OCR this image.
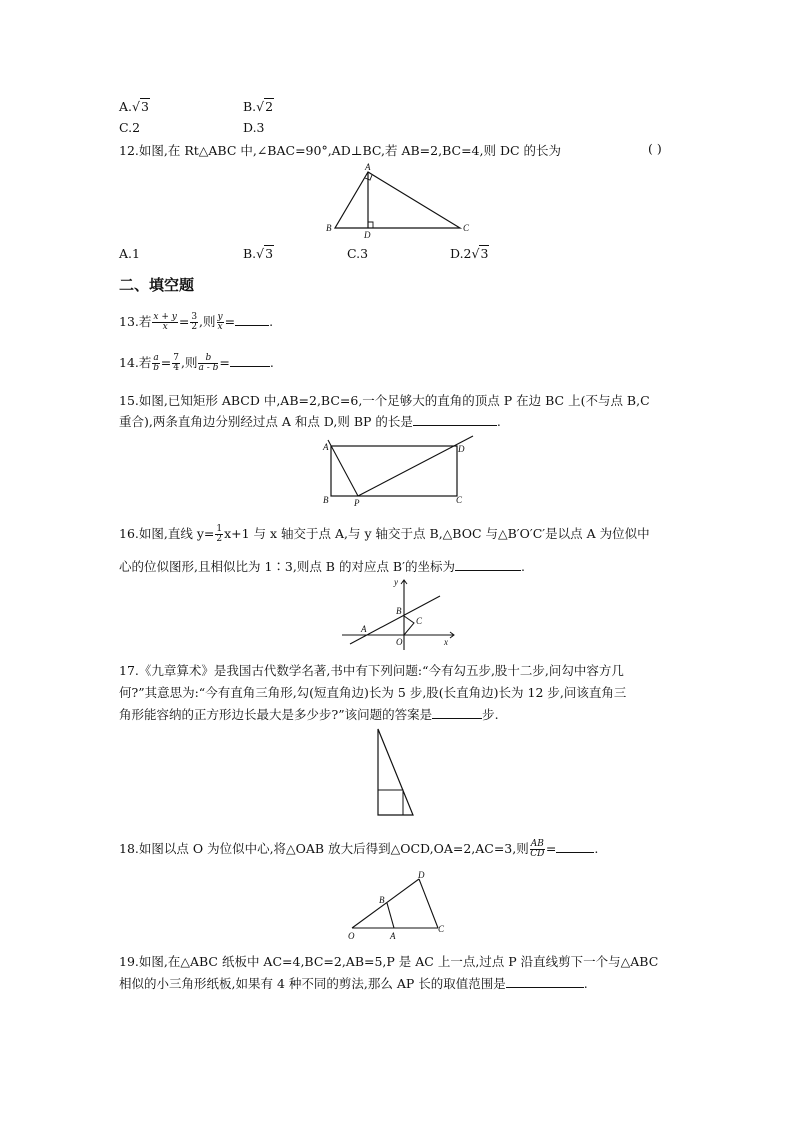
A.√3	B.√2
C.2	D.3
12.如图,在 Rt△ABC 中,∠BAC=90°,AD⊥BC,若 AB=2,BC=4,则 DC 的长为	( )
A
B	C
D
A.1	B.√3	C.3	D.2√3
二、填空题
13.若 $\frac{x + y}{x} = \frac{3}{2}$ ,则 $\frac{y}{x}$ =	.
14.若 $\frac{a}{b} = \frac{7}{4}$ ,则 $\frac{b}{a - b}$ =	.
15.如图,已知矩形 ABCD 中,AB=2,BC=6,一个足够大的直角的顶点 P 在边 BC 上(不与点 B,C
重合),两条直角边分别经过点 A 和点 D,则 BP 的长是	.
A	D
B	C
P
16.如图,直线 $y= \frac{1}{2} x+1$ 与 x 轴交于点 A,与 y 轴交于点 B,△BOC 与△B′O′C′是以点 A 为位似中
心的位似图形,且相似比为 1∶3,则点 B 的对应点 B′的坐标为	.
y
x
B
C
A
O
17.《九章算术》是我国古代数学名著,书中有下列问题:“今有勾五步,股十二步,问勾中容方几
何?”其意思为:“今有直角三角形,勾(短直角边)长为 5 步,股(长直角边)长为 12 步,问该直角三
角形能容纳的正方形边长最大是多少步?”该问题的答案是	步.
18.如图以点 O 为位似中心,将△OAB 放大后得到△OCD,OA=2,AC=3,则 $\frac{AB}{CD}$ =	.
O	A
B
C
D
19.如图,在△ABC 纸板中 AC=4,BC=2,AB=5,P 是 AC 上一点,过点 P 沿直线剪下一个与△ABC
相似的小三角形纸板,如果有 4 种不同的剪法,那么 AP 长的取值范围是	.
